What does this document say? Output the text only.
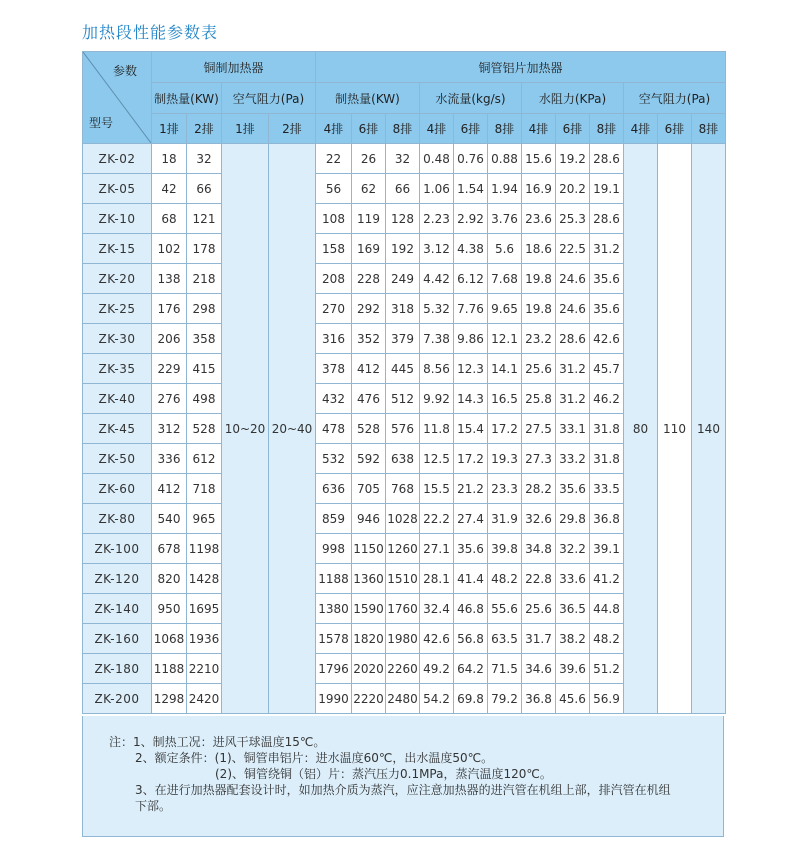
加热段性能参数表
参数
型号	铜制加热器				铜管铝片加热器											
	制热量(KW)		空气阻力(Pa)		制热量(KW)			水流量(kg/s)			水阻力(KPa)			空气阻力(Pa)		
	1排	2排	1排	2排	4排	6排	8排	4排	6排	8排	4排	6排	8排	4排	6排	8排
ZK-02	18	32	10~20	20~40	22	26	32	0.48	0.76	0.88	15.6	19.2	28.6	80	110	140
ZK-05	42	66			56	62	66	1.06	1.54	1.94	16.9	20.2	19.1			
ZK-10	68	121			108	119	128	2.23	2.92	3.76	23.6	25.3	28.6			
ZK-15	102	178			158	169	192	3.12	4.38	5.6	18.6	22.5	31.2			
ZK-20	138	218			208	228	249	4.42	6.12	7.68	19.8	24.6	35.6			
ZK-25	176	298			270	292	318	5.32	7.76	9.65	19.8	24.6	35.6			
ZK-30	206	358			316	352	379	7.38	9.86	12.1	23.2	28.6	42.6			
ZK-35	229	415			378	412	445	8.56	12.3	14.1	25.6	31.2	45.7			
ZK-40	276	498			432	476	512	9.92	14.3	16.5	25.8	31.2	46.2			
ZK-45	312	528			478	528	576	11.8	15.4	17.2	27.5	33.1	31.8			
ZK-50	336	612			532	592	638	12.5	17.2	19.3	27.3	33.2	31.8			
ZK-60	412	718			636	705	768	15.5	21.2	23.3	28.2	35.6	33.5			
ZK-80	540	965			859	946	1028	22.2	27.4	31.9	32.6	29.8	36.8			
ZK-100	678	1198			998	1150	1260	27.1	35.6	39.8	34.8	32.2	39.1			
ZK-120	820	1428			1188	1360	1510	28.1	41.4	48.2	22.8	33.6	41.2			
ZK-140	950	1695			1380	1590	1760	32.4	46.8	55.6	25.6	36.5	44.8			
ZK-160	1068	1936			1578	1820	1980	42.6	56.8	63.5	31.7	38.2	48.2			
ZK-180	1188	2210			1796	2020	2260	49.2	64.2	71.5	34.6	39.6	51.2			
ZK-200	1298	2420			1990	2220	2480	54.2	69.8	79.2	36.8	45.6	56.9			
注：1、制热工况：进风干球温度15℃。
2、额定条件：(1)、铜管串铝片：进水温度60℃，出水温度50℃。
(2)、铜管绕铜（铝）片：蒸汽压力0.1MPa，蒸汽温度120℃。
3、在进行加热器配套设计时，如加热介质为蒸汽，应注意加热器的进汽管在机组上部，排汽管在机组
下部。
